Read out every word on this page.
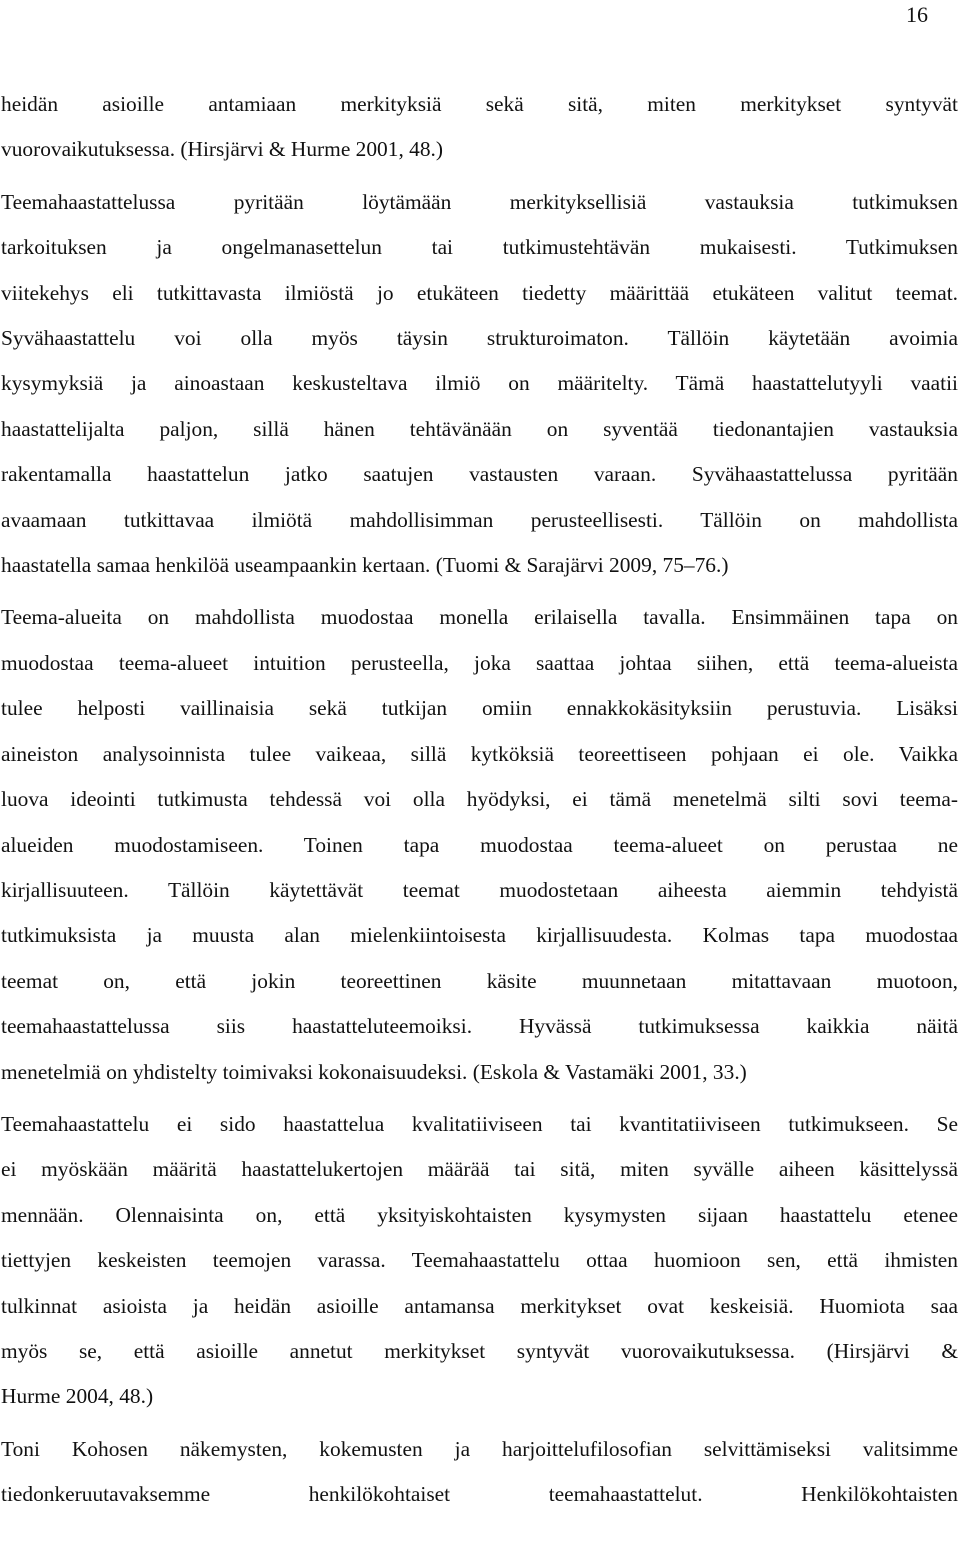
16

heidän asioille antamiaan merkityksiä sekä sitä, miten merkitykset syntyvät
vuorovaikutuksessa. (Hirsjärvi & Hurme 2001, 48.)

Teemahaastattelussa pyritään löytämään merkityksellisiä vastauksia tutkimuksen
tarkoituksen ja ongelmanasettelun tai tutkimustehtävän mukaisesti. Tutkimuksen
viitekehys eli tutkittavasta ilmiöstä jo etukäteen tiedetty määrittää etukäteen valitut teemat.
Syvähaastattelu voi olla myös täysin strukturoimaton. Tällöin käytetään avoimia
kysymyksiä ja ainoastaan keskusteltava ilmiö on määritelty. Tämä haastattelutyyli vaatii
haastattelijalta paljon, sillä hänen tehtävänään on syventää tiedonantajien vastauksia
rakentamalla haastattelun jatko saatujen vastausten varaan. Syvähaastattelussa pyritään
avaamaan tutkittavaa ilmiötä mahdollisimman perusteellisesti. Tällöin on mahdollista
haastatella samaa henkilöä useampaankin kertaan. (Tuomi & Sarajärvi 2009, 75–76.)

Teema-alueita on mahdollista muodostaa monella erilaisella tavalla. Ensimmäinen tapa on
muodostaa teema-alueet intuition perusteella, joka saattaa johtaa siihen, että teema-alueista
tulee helposti vaillinaisia sekä tutkijan omiin ennakkokäsityksiin perustuvia. Lisäksi
aineiston analysoinnista tulee vaikeaa, sillä kytköksiä teoreettiseen pohjaan ei ole. Vaikka
luova ideointi tutkimusta tehdessä voi olla hyödyksi, ei tämä menetelmä silti sovi teema-
alueiden muodostamiseen. Toinen tapa muodostaa teema-alueet on perustaa ne
kirjallisuuteen. Tällöin käytettävät teemat muodostetaan aiheesta aiemmin tehdyistä
tutkimuksista ja muusta alan mielenkiintoisesta kirjallisuudesta. Kolmas tapa muodostaa
teemat on, että jokin teoreettinen käsite muunnetaan mitattavaan muotoon,
teemahaastattelussa siis haastatteluteemoiksi. Hyvässä tutkimuksessa kaikkia näitä
menetelmiä on yhdistelty toimivaksi kokonaisuudeksi. (Eskola & Vastamäki 2001, 33.)

Teemahaastattelu ei sido haastattelua kvalitatiiviseen tai kvantitatiiviseen tutkimukseen. Se
ei myöskään määritä haastattelukertojen määrää tai sitä, miten syvälle aiheen käsittelyssä
mennään. Olennaisinta on, että yksityiskohtaisten kysymysten sijaan haastattelu etenee
tiettyjen keskeisten teemojen varassa. Teemahaastattelu ottaa huomioon sen, että ihmisten
tulkinnat asioista ja heidän asioille antamansa merkitykset ovat keskeisiä. Huomiota saa
myös se, että asioille annetut merkitykset syntyvät vuorovaikutuksessa. (Hirsjärvi &
Hurme 2004, 48.)

Toni Kohosen näkemysten, kokemusten ja harjoittelufilosofian selvittämiseksi valitsimme
tiedonkeruutavaksemme henkilökohtaiset teemahaastattelut. Henkilökohtaisten
